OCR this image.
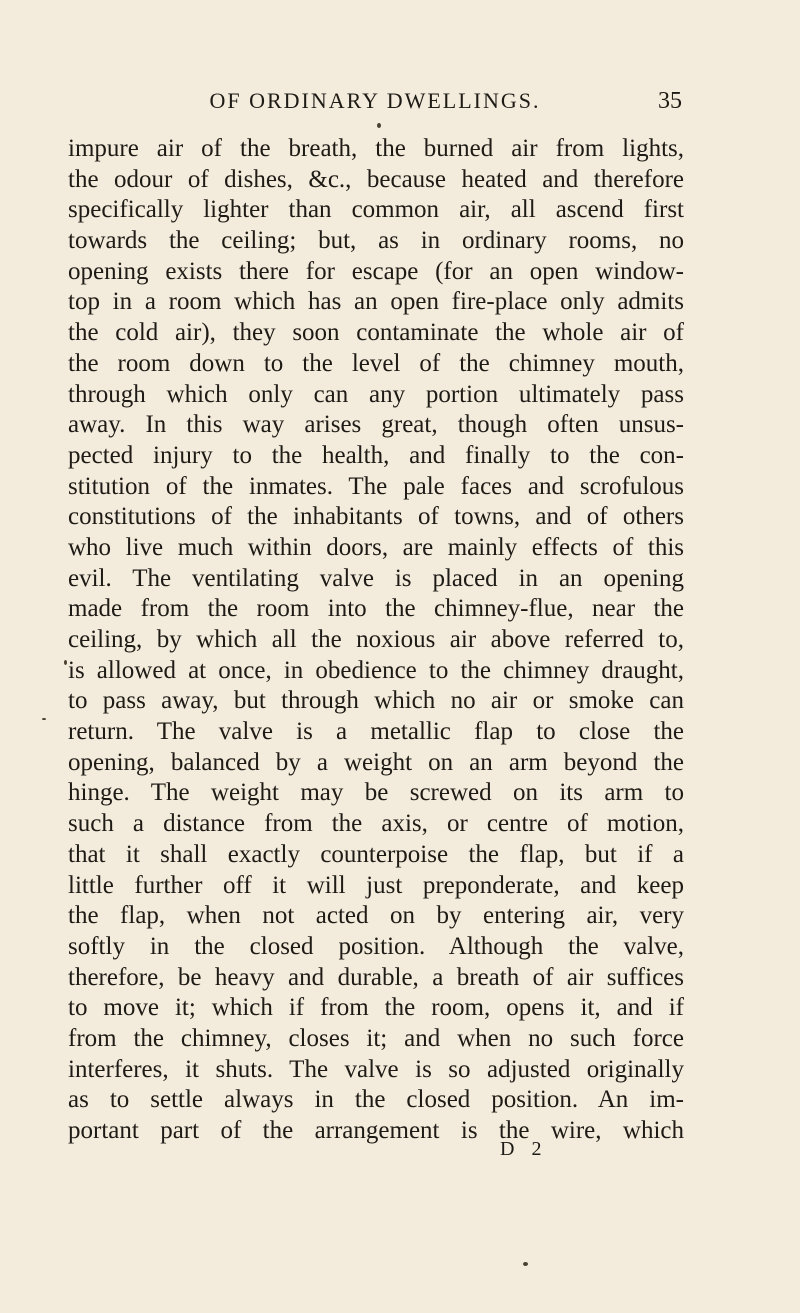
OF ORDINARY DWELLINGS.	35
impure air of the breath, the burned air from lights,
the odour of dishes, &c., because heated and therefore
specifically lighter than common air, all ascend first
towards the ceiling; but, as in ordinary rooms, no
opening exists there for escape (for an open window-
top in a room which has an open fire-place only admits
the cold air), they soon contaminate the whole air of
the room down to the level of the chimney mouth,
through which only can any portion ultimately pass
away. In this way arises great, though often unsus-
pected injury to the health, and finally to the con-
stitution of the inmates. The pale faces and scrofulous
constitutions of the inhabitants of towns, and of others
who live much within doors, are mainly effects of this
evil. The ventilating valve is placed in an opening
made from the room into the chimney-flue, near the
ceiling, by which all the noxious air above referred to,
is allowed at once, in obedience to the chimney draught,
to pass away, but through which no air or smoke can
return. The valve is a metallic flap to close the
opening, balanced by a weight on an arm beyond the
hinge. The weight may be screwed on its arm to
such a distance from the axis, or centre of motion,
that it shall exactly counterpoise the flap, but if a
little further off it will just preponderate, and keep
the flap, when not acted on by entering air, very
softly in the closed position. Although the valve,
therefore, be heavy and durable, a breath of air suffices
to move it; which if from the room, opens it, and if
from the chimney, closes it; and when no such force
interferes, it shuts. The valve is so adjusted originally
as to settle always in the closed position. An im-
portant part of the arrangement is the wire, which
D 2
